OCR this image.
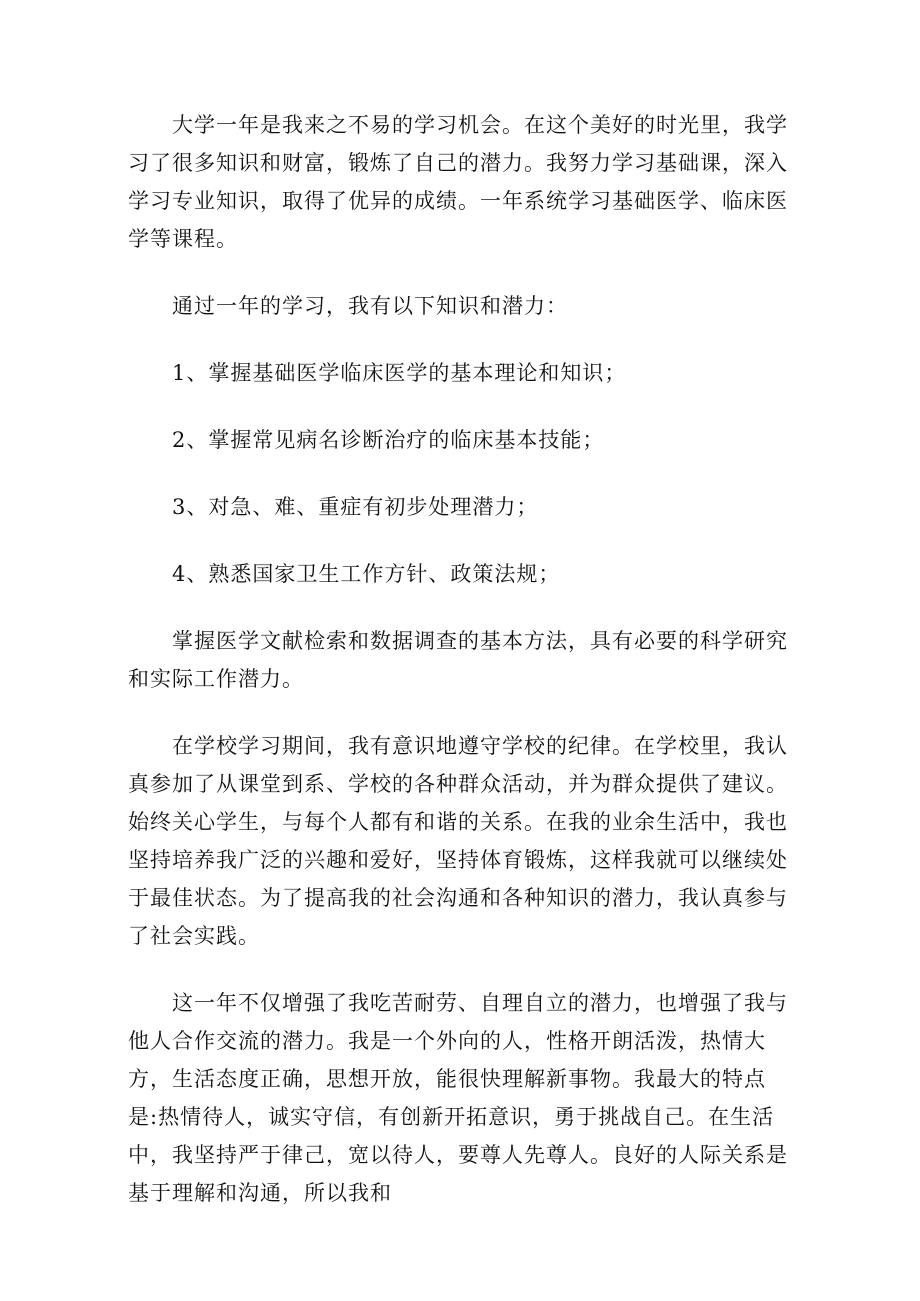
大学一年是我来之不易的学习机会。在这个美好的时光里，我学习了很多知识和财富，锻炼了自己的潜力。我努力学习基础课，深入学习专业知识，取得了优异的成绩。一年系统学习基础医学、临床医学等课程。

通过一年的学习，我有以下知识和潜力：

1、掌握基础医学临床医学的基本理论和知识；

2、掌握常见病名诊断治疗的临床基本技能；

3、对急、难、重症有初步处理潜力；

4、熟悉国家卫生工作方针、政策法规；

掌握医学文献检索和数据调查的基本方法，具有必要的科学研究和实际工作潜力。

在学校学习期间，我有意识地遵守学校的纪律。在学校里，我认真参加了从课堂到系、学校的各种群众活动，并为群众提供了建议。始终关心学生，与每个人都有和谐的关系。在我的业余生活中，我也坚持培养我广泛的兴趣和爱好，坚持体育锻炼，这样我就可以继续处于最佳状态。为了提高我的社会沟通和各种知识的潜力，我认真参与了社会实践。

这一年不仅增强了我吃苦耐劳、自理自立的潜力，也增强了我与他人合作交流的潜力。我是一个外向的人，性格开朗活泼，热情大方，生活态度正确，思想开放，能很快理解新事物。我最大的特点是:热情待人，诚实守信，有创新开拓意识，勇于挑战自己。在生活中，我坚持严于律己，宽以待人，要尊人先尊人。良好的人际关系是基于理解和沟通，所以我和
